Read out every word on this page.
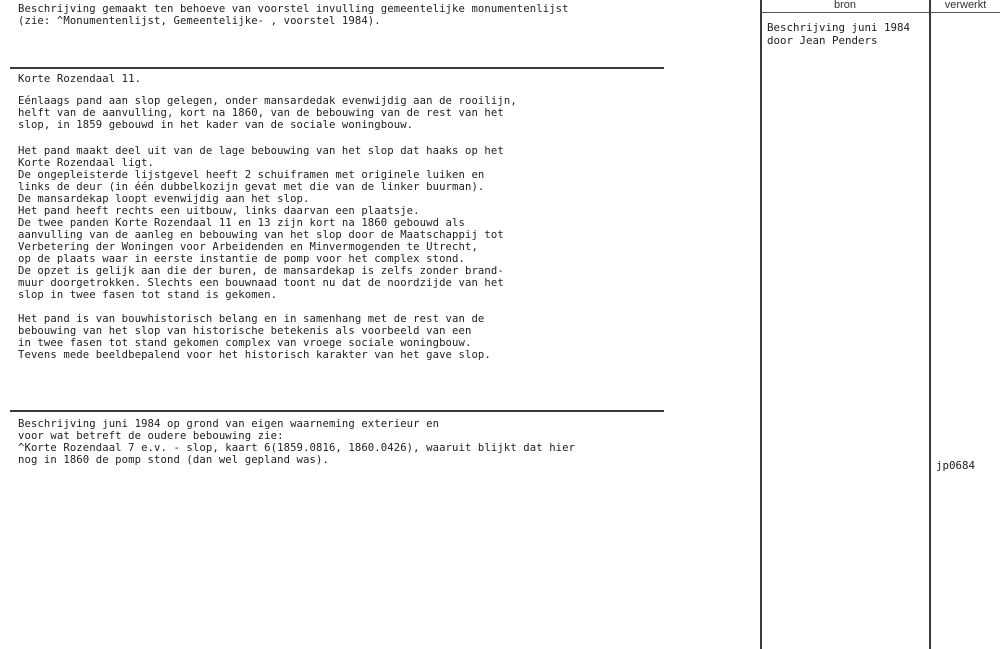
Beschrijving gemaakt ten behoeve van voorstel invulling gemeentelijke monumentenlijst
(zie: ^Monumentenlijst, Gemeentelijke- , voorstel 1984).
Korte Rozendaal 11.
Eénlaags pand aan slop gelegen, onder mansardedak evenwijdig aan de rooilijn,
helft van de aanvulling, kort na 1860, van de bebouwing van de rest van het
slop, in 1859 gebouwd in het kader van de sociale woningbouw.
Het pand maakt deel uit van de lage bebouwing van het slop dat haaks op het
Korte Rozendaal ligt.
De ongepleisterde lijstgevel heeft 2 schuiframen met originele luiken en
links de deur (in één dubbelkozijn gevat met die van de linker buurman).
De mansardekap loopt evenwijdig aan het slop.
Het pand heeft rechts een uitbouw, links daarvan een plaatsje.
De twee panden Korte Rozendaal 11 en 13 zijn kort na 1860 gebouwd als
aanvulling van de aanleg en bebouwing van het slop door de Maatschappij tot
Verbetering der Woningen voor Arbeidenden en Minvermogenden te Utrecht,
op de plaats waar in eerste instantie de pomp voor het complex stond.
De opzet is gelijk aan die der buren, de mansardekap is zelfs zonder brand-
muur doorgetrokken. Slechts een bouwnaad toont nu dat de noordzijde van het
slop in twee fasen tot stand is gekomen.
Het pand is van bouwhistorisch belang en in samenhang met de rest van de
bebouwing van het slop van historische betekenis als voorbeeld van een
in twee fasen tot stand gekomen complex van vroege sociale woningbouw.
Tevens mede beeldbepalend voor het historisch karakter van het gave slop.
Beschrijving juni 1984 op grond van eigen waarneming exterieur en
voor wat betreft de oudere bebouwing zie:
^Korte Rozendaal 7 e.v. - slop, kaart 6(1859.0816, 1860.0426), waaruit blijkt dat hier
nog in 1860 de pomp stond (dan wel gepland was).
bron	verwerkt
Beschrijving juni 1984
door Jean Penders
jp0684
